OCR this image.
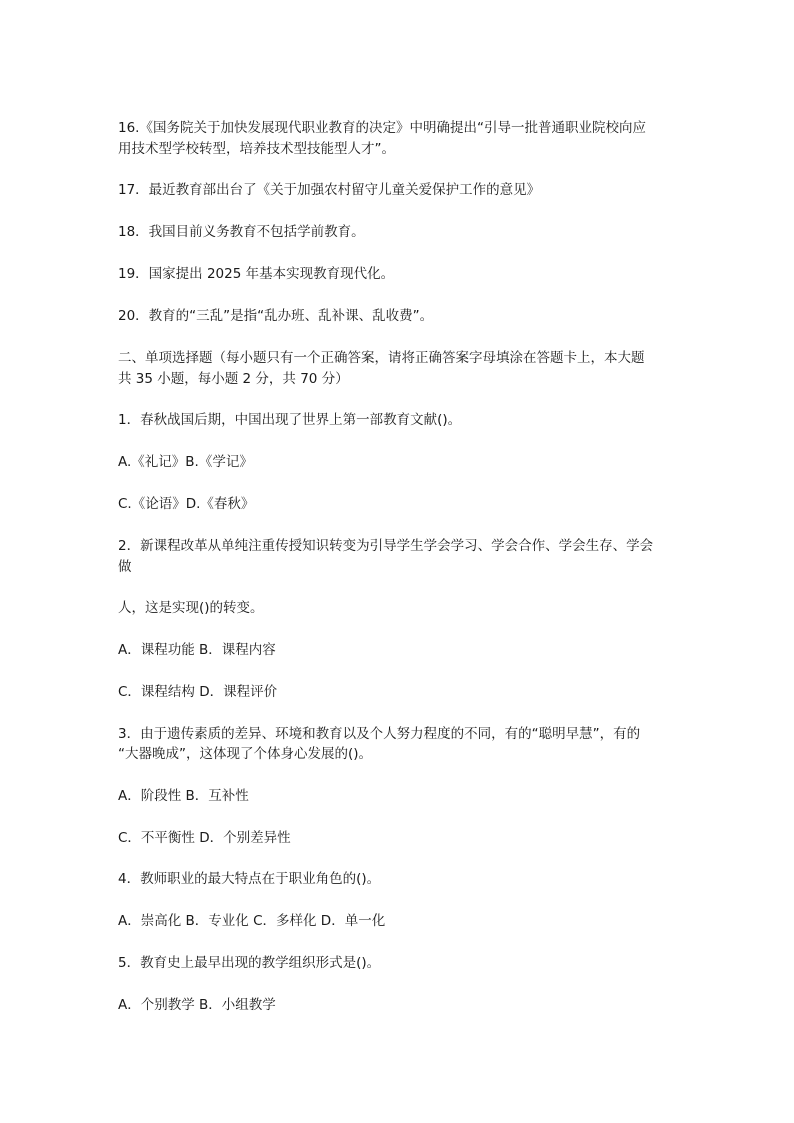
16.《国务院关于加快发展现代职业教育的决定》中明确提出“引导一批普通职业院校向应

用技术型学校转型，培养技术型技能型人才”。

17．最近教育部出台了《关于加强农村留守儿童关爱保护工作的意见》

18．我国目前义务教育不包括学前教育。

19．国家提出 2025 年基本实现教育现代化。

20．教育的“三乱”是指“乱办班、乱补课、乱收费”。

二、单项选择题（每小题只有一个正确答案，请将正确答案字母填涂在答题卡上，本大题

共 35 小题，每小题 2 分，共 70 分）

1．春秋战国后期，中国出现了世界上第一部教育文献()。

A.《礼记》B.《学记》

C.《论语》D.《春秋》

2．新课程改革从单纯注重传授知识转变为引导学生学会学习、学会合作、学会生存、学会

做

人，这是实现()的转变。

A．课程功能 B．课程内容

C．课程结构 D．课程评价

3．由于遗传素质的差异、环境和教育以及个人努力程度的不同，有的“聪明早慧”，有的

“大器晚成”，这体现了个体身心发展的()。

A．阶段性 B．互补性

C．不平衡性 D．个别差异性

4．教师职业的最大特点在于职业角色的()。

A．崇高化 B．专业化 C．多样化 D．单一化

5．教育史上最早出现的教学组织形式是()。

A．个别教学 B．小组教学
